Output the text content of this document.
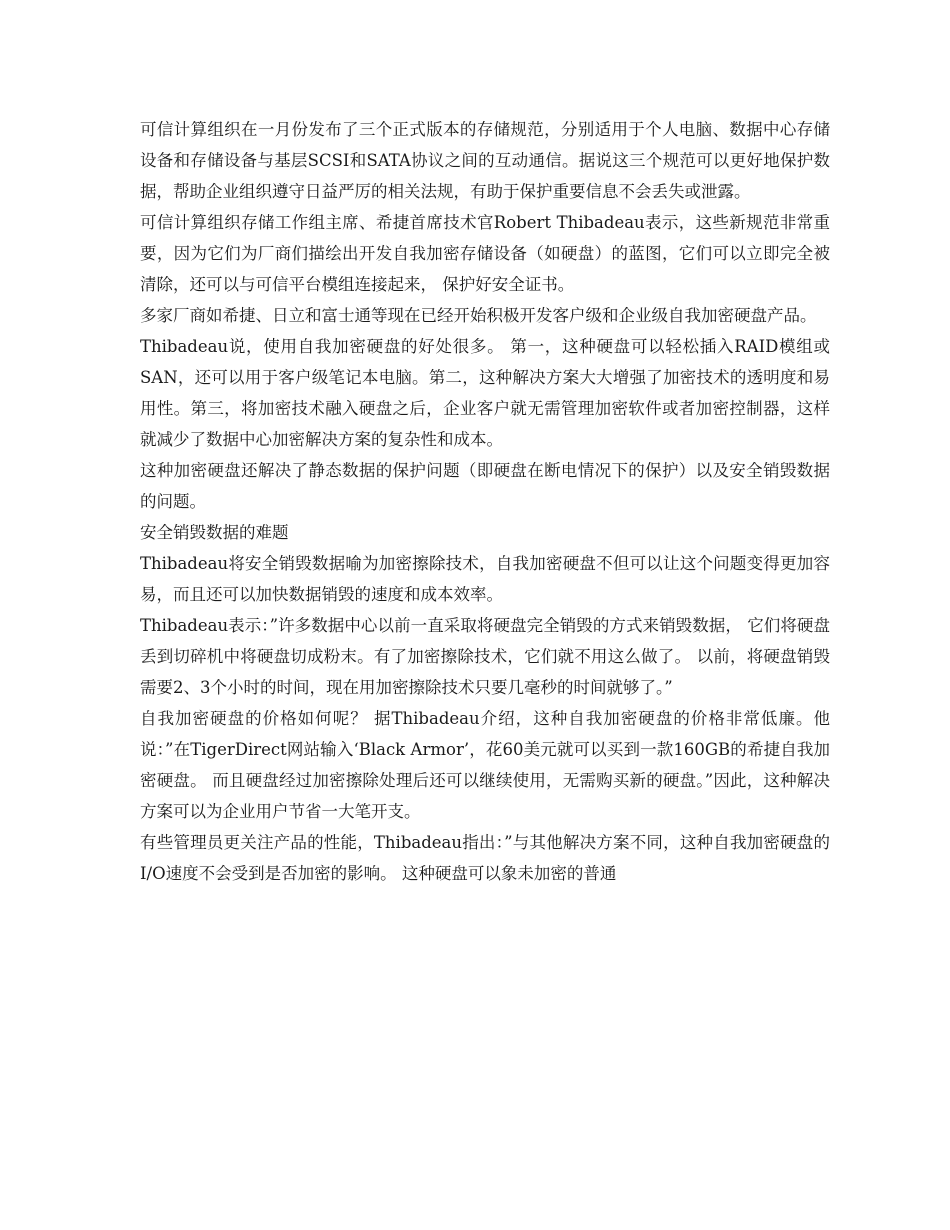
可信计算组织在一月份发布了三个正式版本的存储规范，分别适用于个人电脑、数据中心存储设备和存储设备与基层SCSI和SATA协议之间的互动通信。据说这三个规范可以更好地保护数据，帮助企业组织遵守日益严厉的相关法规，有助于保护重要信息不会丢失或泄露。

可信计算组织存储工作组主席、希捷首席技术官Robert Thibadeau表示，这些新规范非常重要，因为它们为厂商们描绘出开发自我加密存储设备（如硬盘）的蓝图，它们可以立即完全被清除，还可以与可信平台模组连接起来， 保护好安全证书。

多家厂商如希捷、日立和富士通等现在已经开始积极开发客户级和企业级自我加密硬盘产品。

Thibadeau说，使用自我加密硬盘的好处很多。 第一，这种硬盘可以轻松插入RAID模组或SAN，还可以用于客户级笔记本电脑。第二，这种解决方案大大增强了加密技术的透明度和易用性。第三，将加密技术融入硬盘之后，企业客户就无需管理加密软件或者加密控制器，这样就减少了数据中心加密解决方案的复杂性和成本。

这种加密硬盘还解决了静态数据的保护问题（即硬盘在断电情况下的保护）以及安全销毁数据的问题。

安全销毁数据的难题

Thibadeau将安全销毁数据喻为加密擦除技术，自我加密硬盘不但可以让这个问题变得更加容易，而且还可以加快数据销毁的速度和成本效率。

Thibadeau表示：”许多数据中心以前一直采取将硬盘完全销毁的方式来销毁数据， 它们将硬盘丢到切碎机中将硬盘切成粉末。有了加密擦除技术，它们就不用这么做了。 以前，将硬盘销毁需要2、3个小时的时间，现在用加密擦除技术只要几毫秒的时间就够了。”

自我加密硬盘的价格如何呢？ 据Thibadeau介绍，这种自我加密硬盘的价格非常低廉。他说：”在TigerDirect网站输入‘Black Armor’，花60美元就可以买到一款160GB的希捷自我加密硬盘。 而且硬盘经过加密擦除处理后还可以继续使用，无需购买新的硬盘。”因此，这种解决方案可以为企业用户节省一大笔开支。

有些管理员更关注产品的性能，Thibadeau指出：”与其他解决方案不同，这种自我加密硬盘的I/O速度不会受到是否加密的影响。 这种硬盘可以象未加密的普通
